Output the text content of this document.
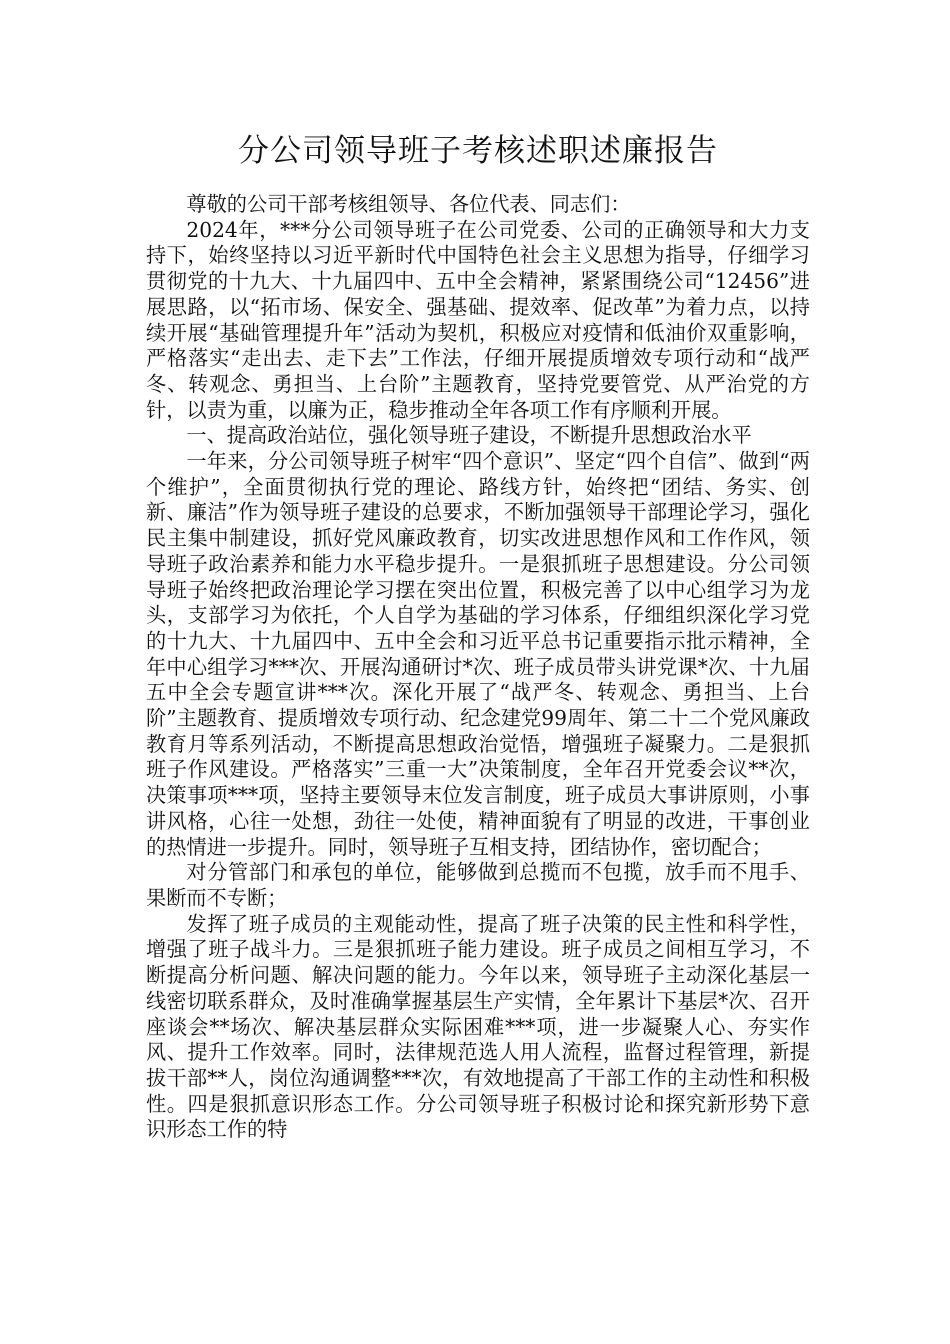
分公司领导班子考核述职述廉报告

尊敬的公司干部考核组领导、各位代表、同志们：

2024年，***分公司领导班子在公司党委、公司的正确领导和大力支持下，始终坚持以习近平新时代中国特色社会主义思想为指导，仔细学习贯彻党的十九大、十九届四中、五中全会精神，紧紧围绕公司“12456”进展思路，以“拓市场、保安全、强基础、提效率、促改革”为着力点，以持续开展“基础管理提升年”活动为契机，积极应对疫情和低油价双重影响，严格落实“走出去、走下去”工作法，仔细开展提质增效专项行动和“战严冬、转观念、勇担当、上台阶”主题教育，坚持党要管党、从严治党的方针，以责为重，以廉为正，稳步推动全年各项工作有序顺利开展。

一、提高政治站位，强化领导班子建设，不断提升思想政治水平

一年来，分公司领导班子树牢“四个意识”、坚定“四个自信”、做到“两个维护”，全面贯彻执行党的理论、路线方针，始终把“团结、务实、创新、廉洁”作为领导班子建设的总要求，不断加强领导干部理论学习，强化民主集中制建设，抓好党风廉政教育，切实改进思想作风和工作作风，领导班子政治素养和能力水平稳步提升。一是狠抓班子思想建设。分公司领导班子始终把政治理论学习摆在突出位置，积极完善了以中心组学习为龙头，支部学习为依托，个人自学为基础的学习体系，仔细组织深化学习党的十九大、十九届四中、五中全会和习近平总书记重要指示批示精神，全年中心组学习***次、开展沟通研讨*次、班子成员带头讲党课*次、十九届五中全会专题宣讲***次。深化开展了“战严冬、转观念、勇担当、上台阶”主题教育、提质增效专项行动、纪念建党99周年、第二十二个党风廉政教育月等系列活动，不断提高思想政治觉悟，增强班子凝聚力。二是狠抓班子作风建设。严格落实”三重一大”决策制度，全年召开党委会议**次，决策事项***项，坚持主要领导末位发言制度，班子成员大事讲原则，小事讲风格，心往一处想，劲往一处使，精神面貌有了明显的改进，干事创业的热情进一步提升。同时，领导班子互相支持，团结协作，密切配合；

对分管部门和承包的单位，能够做到总揽而不包揽，放手而不甩手、果断而不专断；

发挥了班子成员的主观能动性，提高了班子决策的民主性和科学性，增强了班子战斗力。三是狠抓班子能力建设。班子成员之间相互学习，不断提高分析问题、解决问题的能力。今年以来，领导班子主动深化基层一线密切联系群众，及时准确掌握基层生产实情，全年累计下基层*次、召开座谈会**场次、解决基层群众实际困难***项，进一步凝聚人心、夯实作风、提升工作效率。同时，法律规范选人用人流程，监督过程管理，新提拔干部**人，岗位沟通调整***次，有效地提高了干部工作的主动性和积极性。四是狠抓意识形态工作。分公司领导班子积极讨论和探究新形势下意识形态工作的特
